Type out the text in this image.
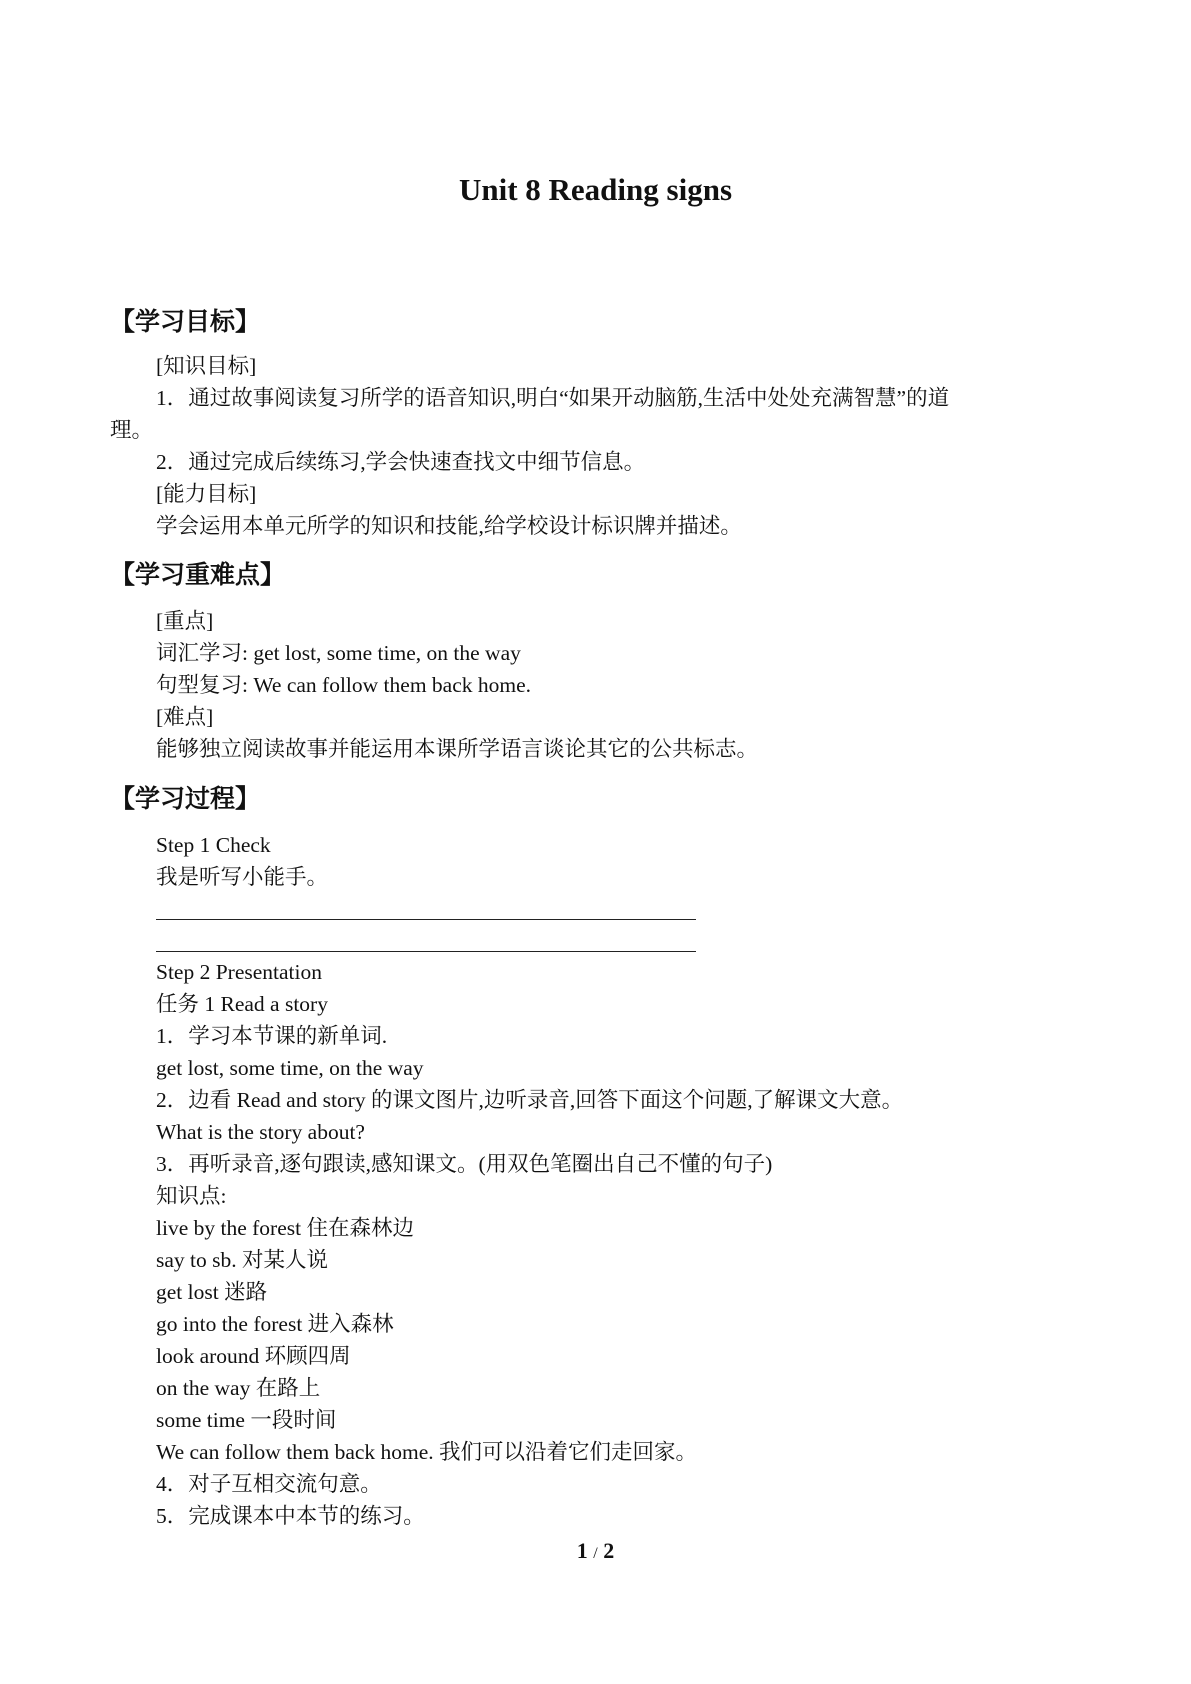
Unit 8 Reading signs
【学习目标】
[知识目标]
1．通过故事阅读复习所学的语音知识,明白“如果开动脑筋,生活中处处充满智慧”的道
理。
2．通过完成后续练习,学会快速查找文中细节信息。
[能力目标]
学会运用本单元所学的知识和技能,给学校设计标识牌并描述。
【学习重难点】
[重点]
词汇学习: get lost, some time, on the way
句型复习: We can follow them back home.
[难点]
能够独立阅读故事并能运用本课所学语言谈论其它的公共标志。
【学习过程】
Step 1 Check
我是听写小能手。
Step 2 Presentation
任务 1 Read a story
1．学习本节课的新单词.
get lost, some time, on the way
2．边看 Read and story 的课文图片,边听录音,回答下面这个问题,了解课文大意。
What is the story about?
3．再听录音,逐句跟读,感知课文。(用双色笔圈出自己不懂的句子)
知识点:
live by the forest 住在森林边
say to sb. 对某人说
get lost 迷路
go into the forest 进入森林
look around 环顾四周
on the way 在路上
some time 一段时间
We can follow them back home. 我们可以沿着它们走回家。
4．对子互相交流句意。
5．完成课本中本节的练习。
1 / 2
